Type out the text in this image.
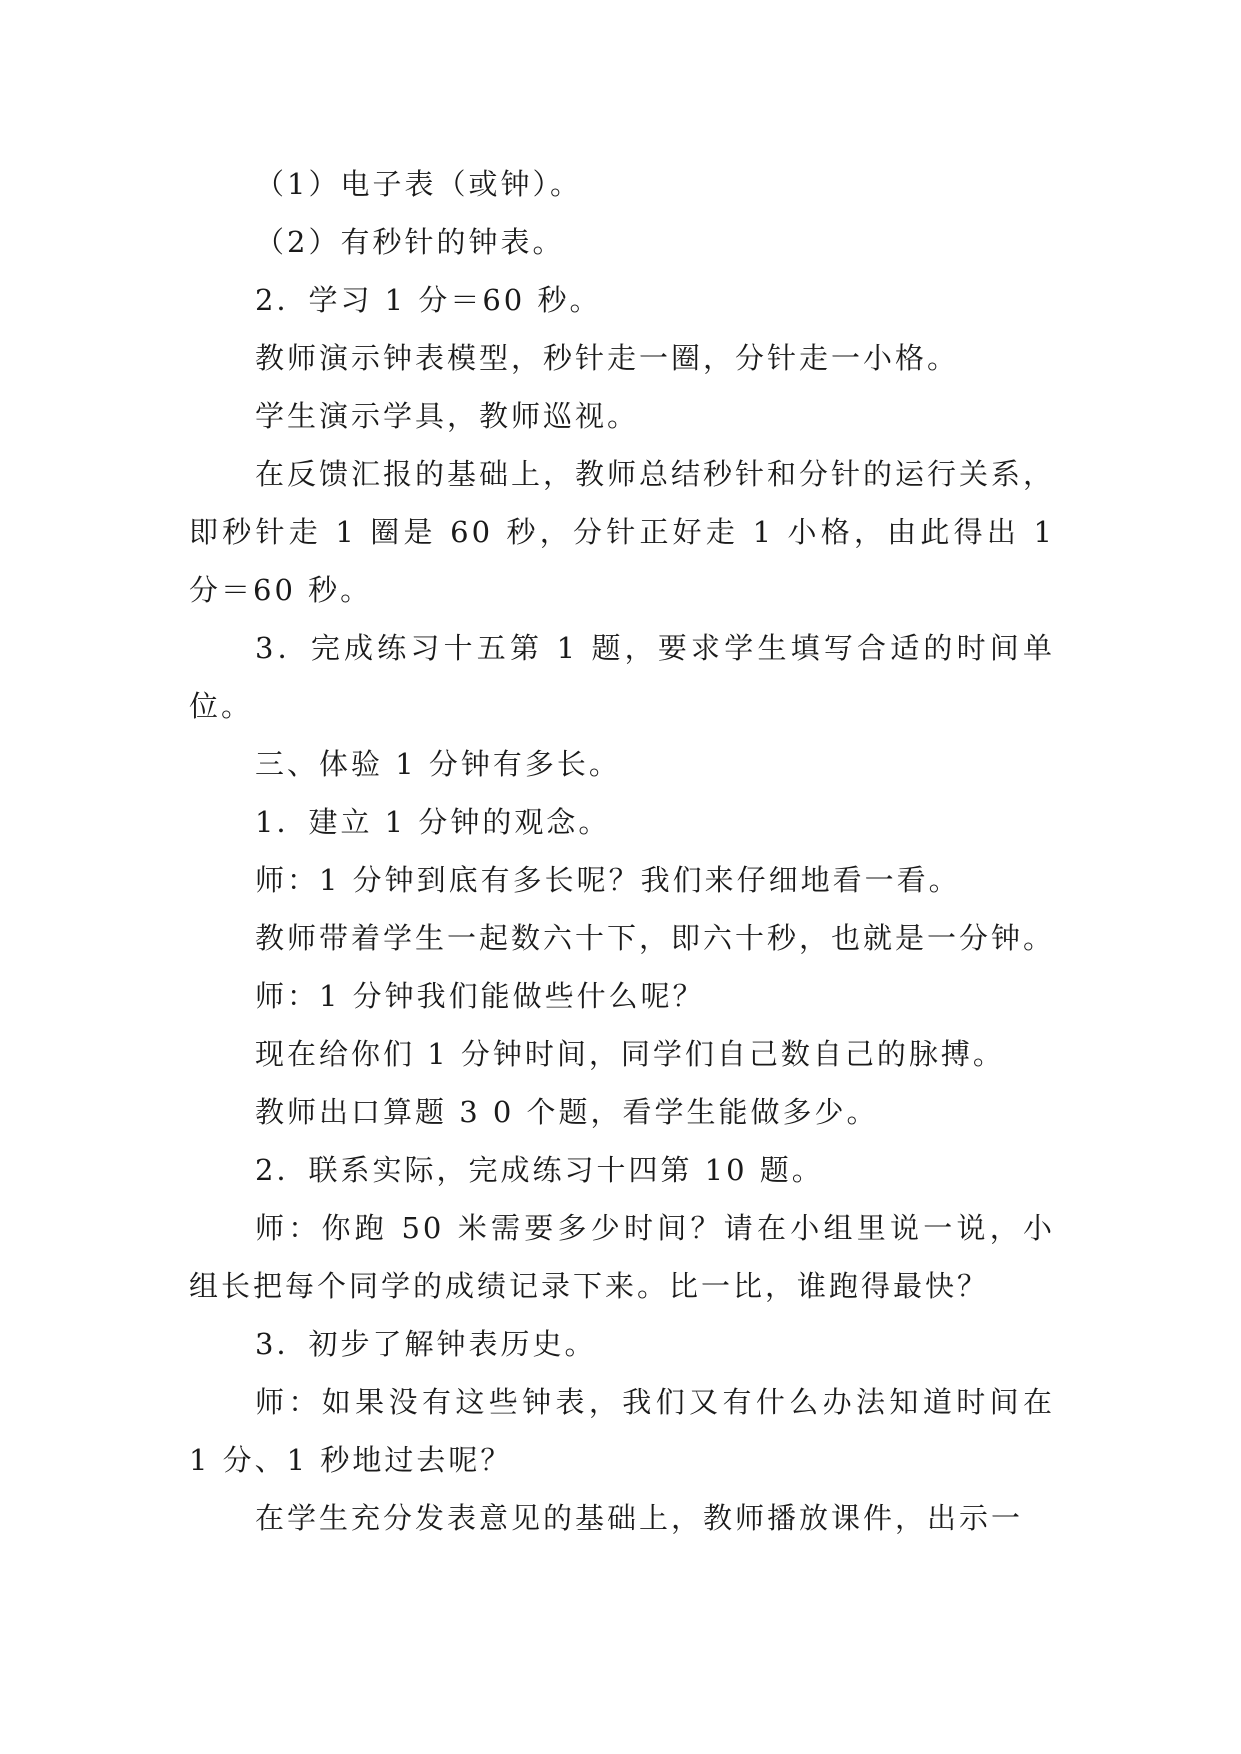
（1）电子表（或钟）。

（2）有秒针的钟表。

2．学习 1 分＝60 秒。

教师演示钟表模型，秒针走一圈，分针走一小格。

学生演示学具，教师巡视。

在反馈汇报的基础上，教师总结秒针和分针的运行关系，即秒针走 1 圈是 60 秒，分针正好走 1 小格，由此得出 1 分＝60 秒。

3．完成练习十五第 1 题，要求学生填写合适的时间单位。

三、体验 1 分钟有多长。

1．建立 1 分钟的观念。

师：1 分钟到底有多长呢？我们来仔细地看一看。

教师带着学生一起数六十下，即六十秒，也就是一分钟。

师：1 分钟我们能做些什么呢？

现在给你们 1 分钟时间，同学们自己数自己的脉搏。

教师出口算题 3 0 个题，看学生能做多少。

2．联系实际，完成练习十四第 10 题。

师：你跑 50 米需要多少时间？请在小组里说一说，小组长把每个同学的成绩记录下来。比一比，谁跑得最快？

3．初步了解钟表历史。

师：如果没有这些钟表，我们又有什么办法知道时间在 1 分、1 秒地过去呢？

在学生充分发表意见的基础上，教师播放课件，出示一
